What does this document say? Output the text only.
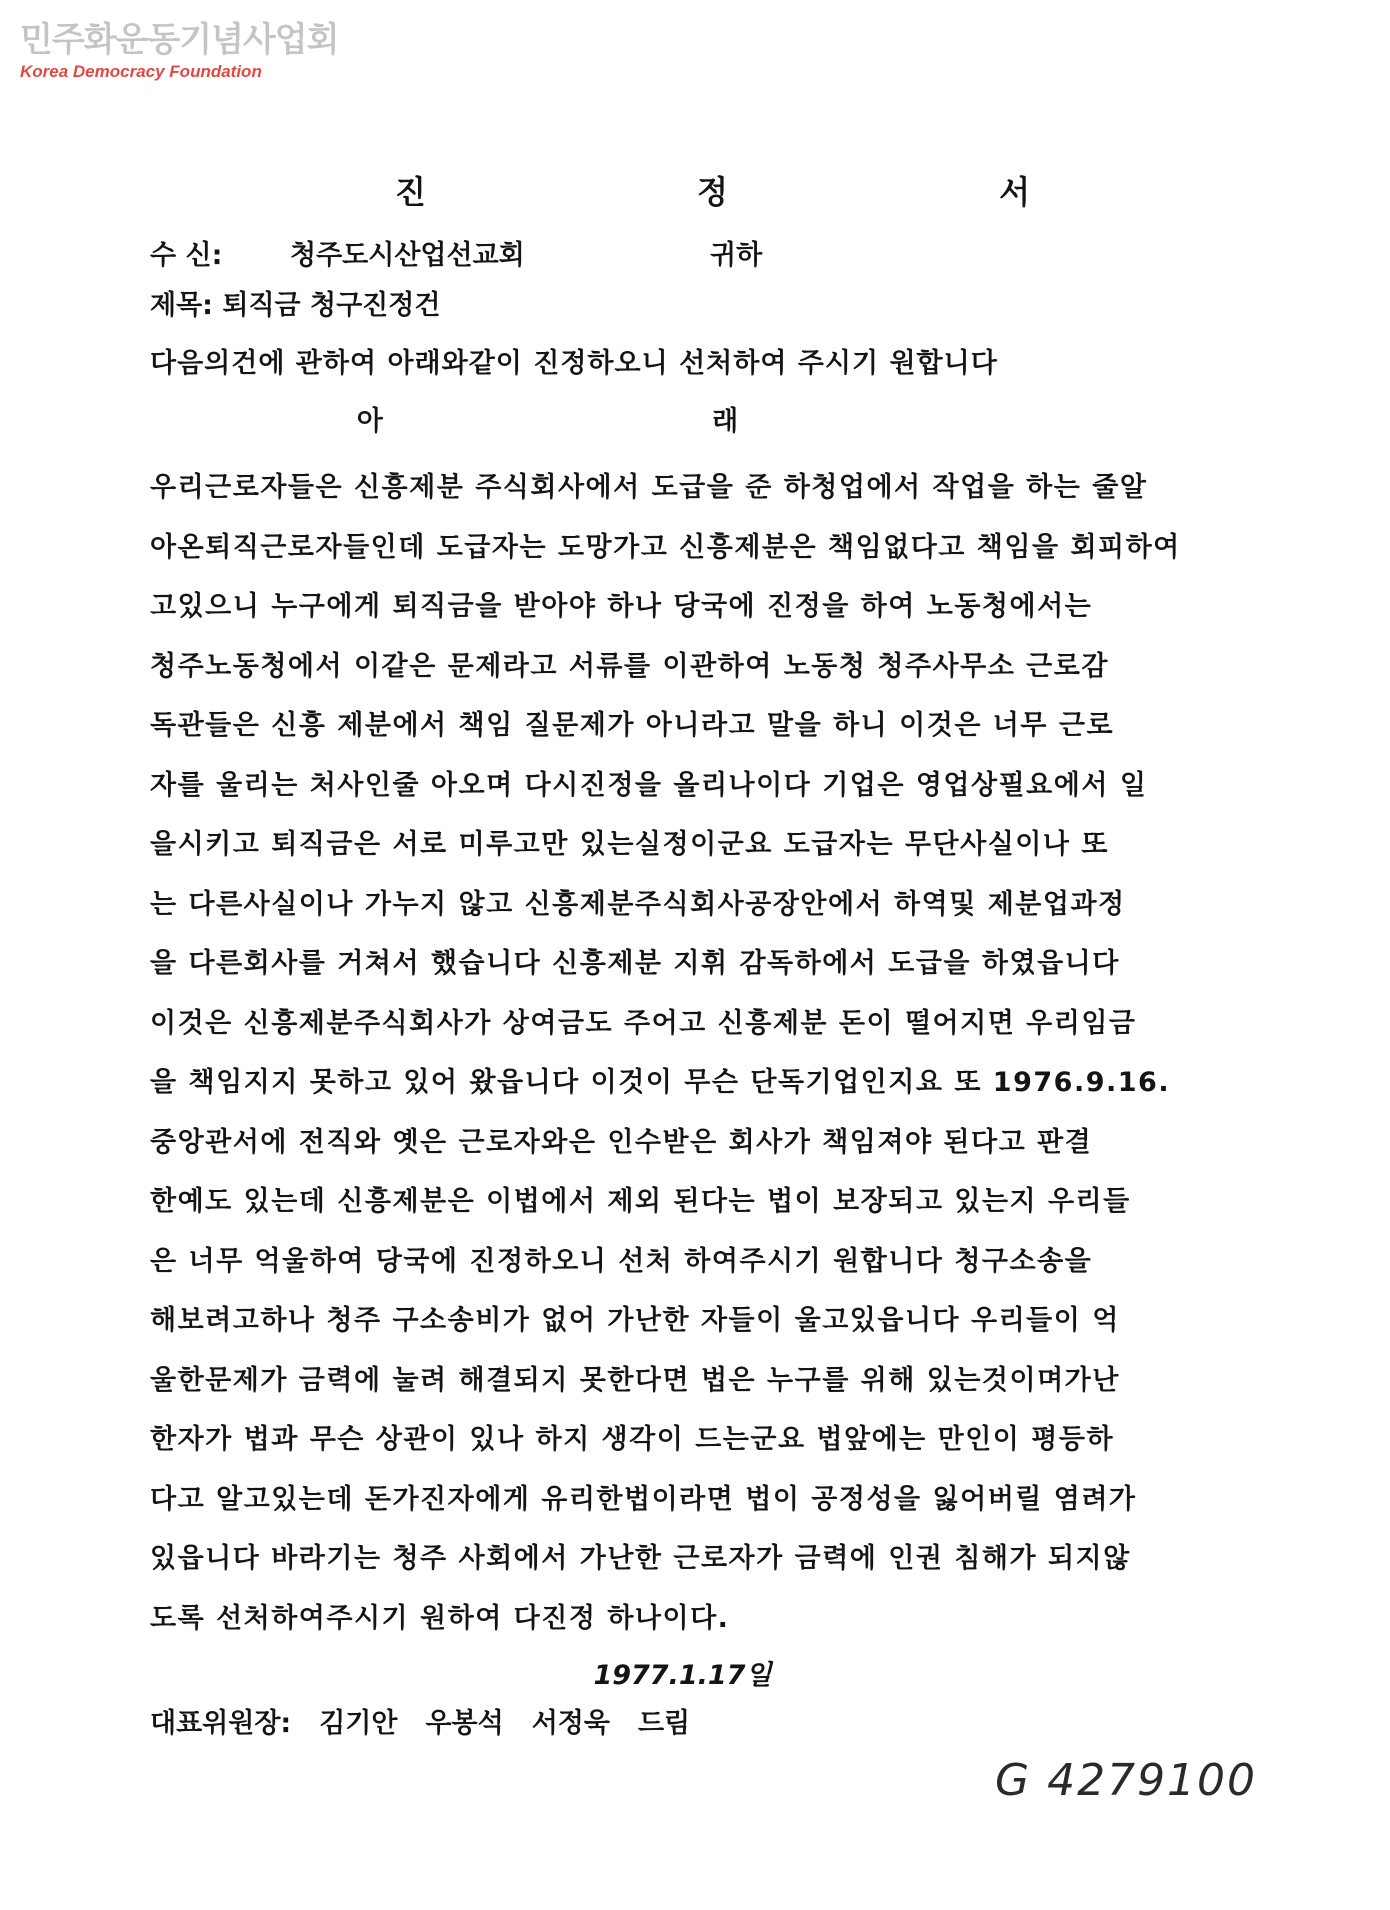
민주화운동기념사업회
Korea Democracy Foundation
진 정 서
수 신:	청주도시산업선교회	귀하
제목: 퇴직금 청구진정건
다음의건에 관하여 아래와같이 진정하오니 선처하여 주시기 원합니다
아 래
우리근로자들은 신흥제분 주식회사에서 도급을 준 하청업에서 작업을 하는 줄알
아온퇴직근로자들인데 도급자는 도망가고 신흥제분은 책임없다고 책임을 회피하여
고있으니 누구에게 퇴직금을 받아야 하나 당국에 진정을 하여 노동청에서는
청주노동청에서 이같은 문제라고 서류를 이관하여 노동청 청주사무소 근로감
독관들은 신흥 제분에서 책임 질문제가 아니라고 말을 하니 이것은 너무 근로
자를 울리는 처사인줄 아오며 다시진정을 올리나이다 기업은 영업상필요에서 일
을시키고 퇴직금은 서로 미루고만 있는실정이군요 도급자는 무단사실이나 또
는 다른사실이나 가누지 않고 신흥제분주식회사공장안에서 하역및 제분업과정
을 다른회사를 거쳐서 했습니다 신흥제분 지휘 감독하에서 도급을 하였읍니다
이것은 신흥제분주식회사가 상여금도 주어고 신흥제분 돈이 떨어지면 우리임금
을 책임지지 못하고 있어 왔읍니다 이것이 무슨 단독기업인지요 또 1976.9.16.
중앙관서에 전직와 옛은 근로자와은 인수받은 회사가 책임져야 된다고 판결
한예도 있는데 신흥제분은 이법에서 제외 된다는 법이 보장되고 있는지 우리들
은 너무 억울하여 당국에 진정하오니 선처 하여주시기 원합니다 청구소송을
해보려고하나 청주 구소송비가 없어 가난한 자들이 울고있읍니다 우리들이 억
울한문제가 금력에 눌려 해결되지 못한다면 법은 누구를 위해 있는것이며가난
한자가 법과 무슨 상관이 있나 하지 생각이 드는군요 법앞에는 만인이 평등하
다고 알고있는데 돈가진자에게 유리한법이라면 법이 공정성을 잃어버릴 염려가
있읍니다 바라기는 청주 사회에서 가난한 근로자가 금력에 인권 침해가 되지않
도록 선처하여주시기 원하여 다진정 하나이다.
1977.1.17일
대표위원장: 김기안 우봉석 서정욱 드림
G 4279100
